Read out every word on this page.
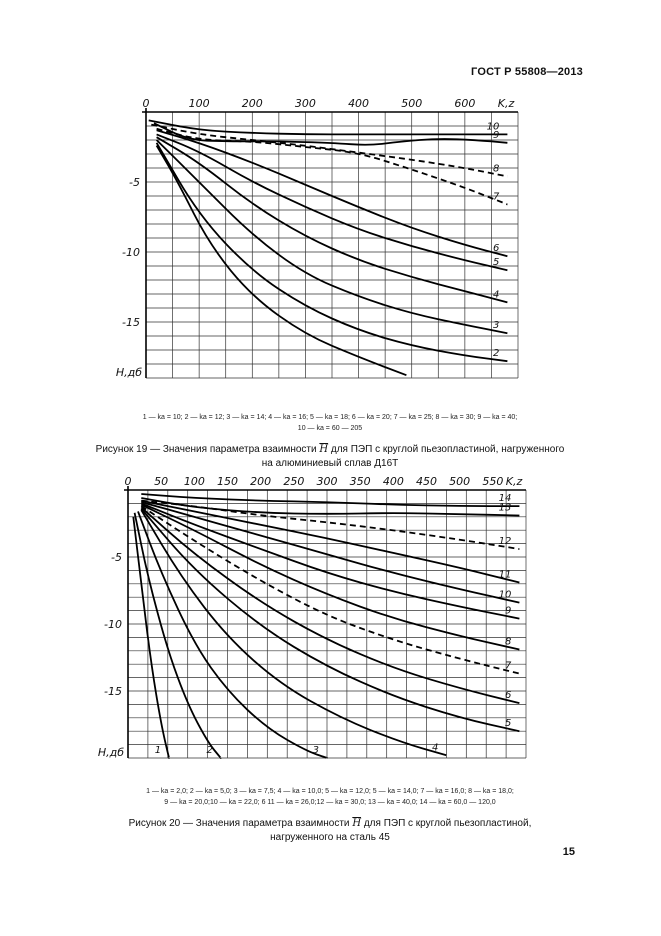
ГОСТ Р 55808—2013
0	100	200	300	400	500	600 K,z
-5
-10
-15
H,дб
10
9
8
7
6
5
4
3
2
1 — ka = 10; 2 — ka = 12; 3 — ka = 14; 4 — ka = 16; 5 — ka = 18; 6 — ka = 20; 7 — ka = 25; 8 — ka = 30; 9 — ka = 40;
10 — ka = 60 — 205
Рисунок 19 — Значения параметра взаимности $\overline{H}$ для ПЭП с круглой пьезопластиной, нагруженного
на алюминиевый сплав Д16Т
0 50 100 150 200 250 300 350 400 450 500 550 K,z
-5
-10
-15
H,дб
14
13
12
11
10
9
8
7
6
5
4
3
2
1
1 — ka = 2,0; 2 — ka = 5,0; 3 — ka = 7,5; 4 — ka = 10,0; 5 — ka = 12,0; 5 — ka = 14,0; 7 — ka = 16,0; 8 — ka = 18,0;
9 — ka = 20,0;10 — ka = 22,0; 6 11 — ka = 26,0;12 — ka = 30,0; 13 — ka = 40,0; 14 — ka = 60,0 — 120,0
Рисунок 20 — Значения параметра взаимности $\overline{H}$ для ПЭП с круглой пьезопластиной,
нагруженного на сталь 45
15
